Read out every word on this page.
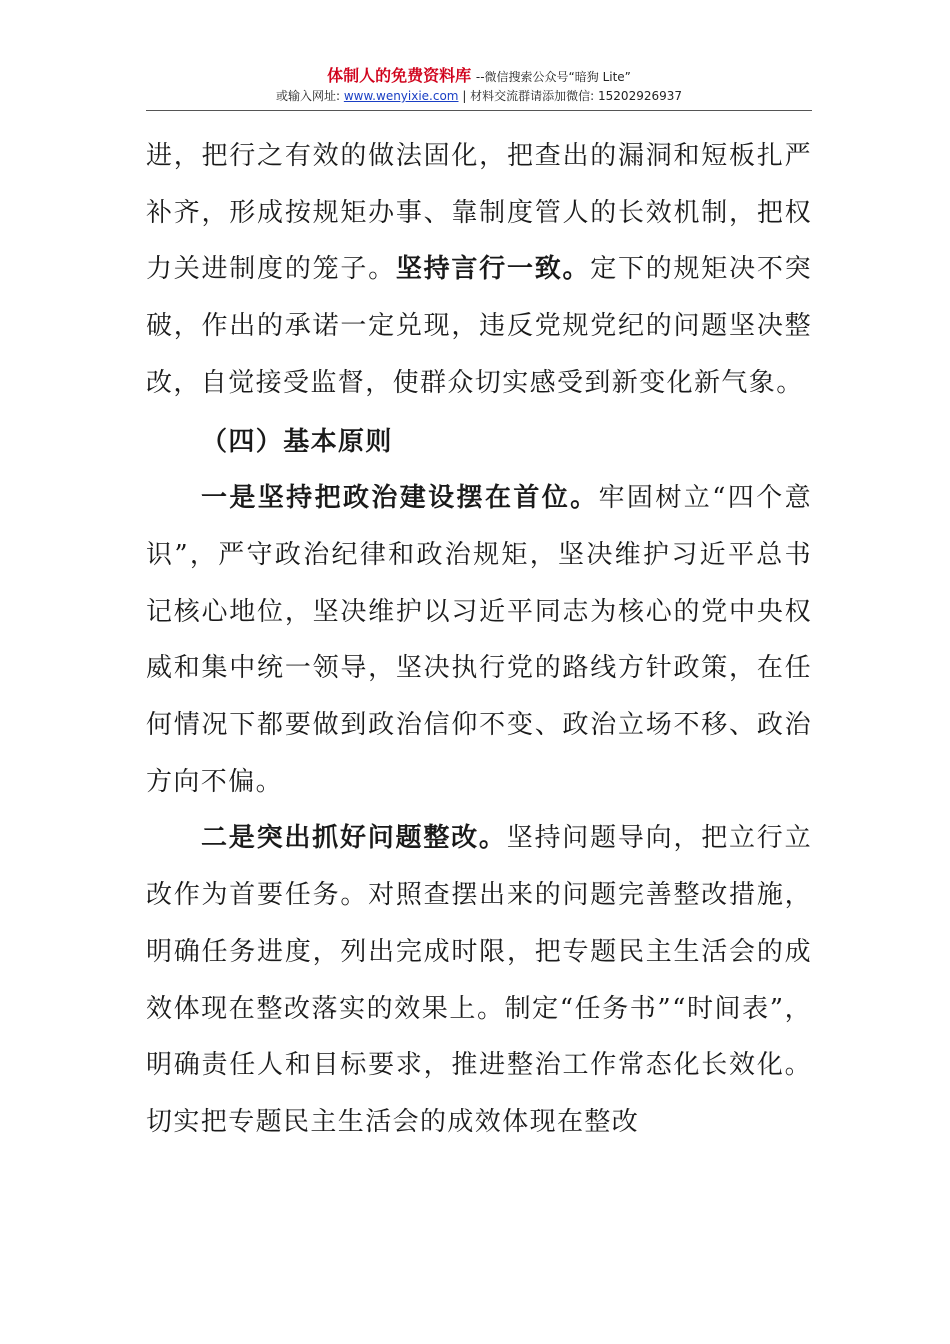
体制人的免费资料库 --微信搜索公众号“暗狗 Lite”
或输入网址: www.wenyixie.com | 材料交流群请添加微信: 15202926937

进，把行之有效的做法固化，把查出的漏洞和短板扎严补齐，形成按规矩办事、靠制度管人的长效机制，把权力关进制度的笼子。坚持言行一致。定下的规矩决不突破，作出的承诺一定兑现，违反党规党纪的问题坚决整改，自觉接受监督，使群众切实感受到新变化新气象。

（四）基本原则

一是坚持把政治建设摆在首位。牢固树立“四个意识”，严守政治纪律和政治规矩，坚决维护习近平总书记核心地位，坚决维护以习近平同志为核心的党中央权威和集中统一领导，坚决执行党的路线方针政策，在任何情况下都要做到政治信仰不变、政治立场不移、政治方向不偏。

二是突出抓好问题整改。坚持问题导向，把立行立改作为首要任务。对照查摆出来的问题完善整改措施，明确任务进度，列出完成时限，把专题民主生活会的成效体现在整改落实的效果上。制定“任务书”“时间表”，明确责任人和目标要求，推进整治工作常态化长效化。切实把专题民主生活会的成效体现在整改
